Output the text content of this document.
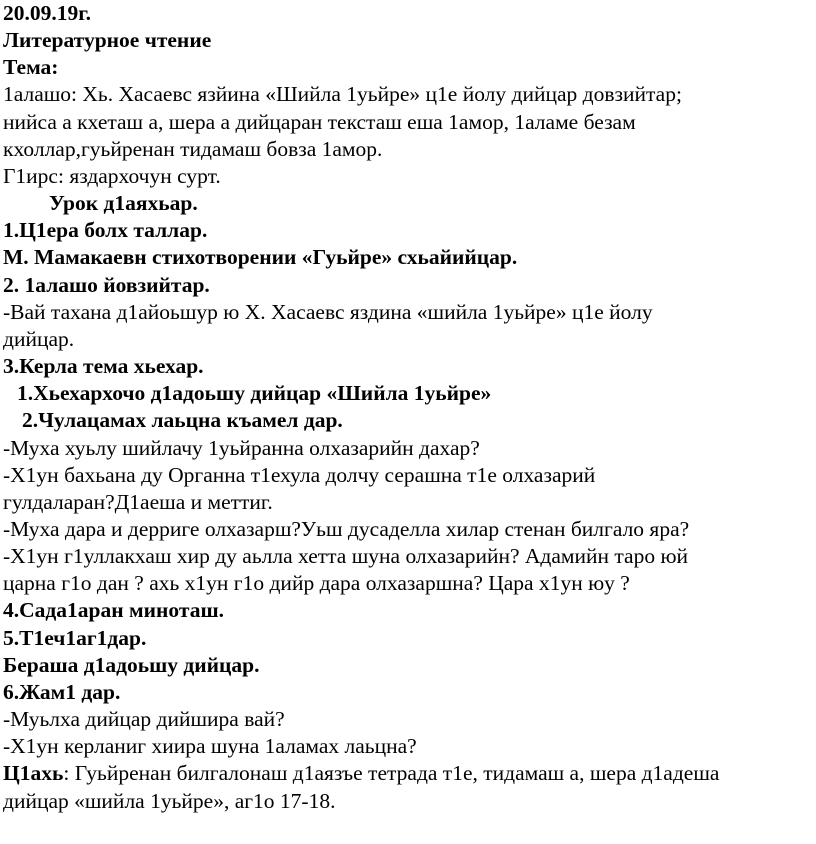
20.09.19г.
Литературное чтение
Тема:
1алашо: Хь. Хасаевс язйина «Шийла 1уьйре» ц1е йолу дийцар довзийтар;
нийса а кхеташ а, шера а дийцаран тексташ еша 1амор, 1аламе безам
кхоллар,гуьйренан тидамаш бовза 1амор.
Г1ирс: яздархочун сурт.
Урок д1аяхьар.
1.Ц1ера болх таллар.
М. Мамакаевн стихотворении «Гуьйре» схьайийцар.
2. 1алашо йовзийтар.
-Вай тахана д1айоьшур ю Х. Хасаевс яздина «шийла 1уьйре» ц1е йолу
дийцар.
3.Керла тема хьехар.
1.Хьехархочо д1адоьшу дийцар «Шийла 1уьйре»
2.Чулацамах лаьцна къамел дар.
-Муха хуьлу шийлачу 1уьйранна олхазарийн дахар?
-Х1ун бахьана ду Органна т1ехула долчу серашна т1е олхазарий
гулдаларан?Д1аеша и меттиг.
-Муха дара и дерриге олхазарш?Уьш дусаделла хилар стенан билгало яра?
-Х1ун г1уллакхаш хир ду аьлла хетта шуна олхазарийн? Адамийн таро юй
царна г1о дан ? ахь х1ун г1о дийр дара олхазаршна? Цара х1ун юу ?
4.Сада1аран миноташ.
5.Т1еч1аг1дар.
Бераша д1адоьшу дийцар.
6.Жам1 дар.
-Муьлха дийцар дийшира вай?
-Х1ун керланиг хиира шуна 1аламах лаьцна?
Ц1ахь: Гуьйренан билгалонаш д1аязъе тетрада т1е, тидамаш а, шера д1адеша
дийцар «шийла 1уьйре», аг1о 17-18.
